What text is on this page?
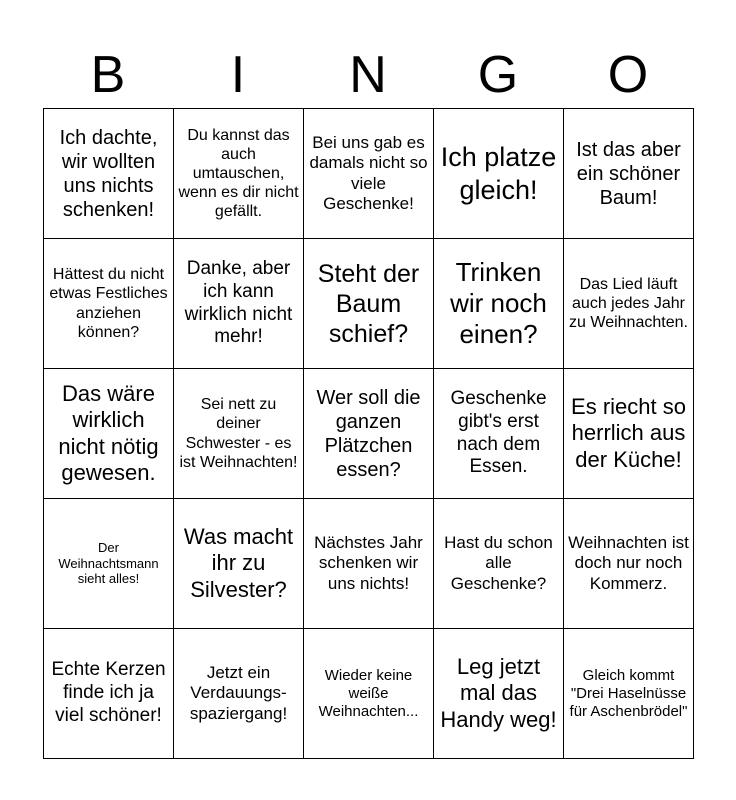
B	I	N	G	O
Ich dachte, wir wollten uns nichts schenken!	Du kannst das auch umtauschen, wenn es dir nicht gefällt.	Bei uns gab es damals nicht so viele Geschenke!	Ich platze gleich!	Ist das aber ein schöner Baum!
Hättest du nicht etwas Festliches anziehen können?	Danke, aber ich kann wirklich nicht mehr!	Steht der Baum schief?	Trinken wir noch einen?	Das Lied läuft auch jedes Jahr zu Weihnachten.
Das wäre wirklich nicht nötig gewesen.	Sei nett zu deiner Schwester - es ist Weihnachten!	Wer soll die ganzen Plätzchen essen?	Geschenke gibt's erst nach dem Essen.	Es riecht so herrlich aus der Küche!
Der Weihnachtsmann sieht alles!	Was macht ihr zu Silvester?	Nächstes Jahr schenken wir uns nichts!	Hast du schon alle Geschenke?	Weihnachten ist doch nur noch Kommerz.
Echte Kerzen finde ich ja viel schöner!	Jetzt ein Verdauungs-spaziergang!	Wieder keine weiße Weihnachten...	Leg jetzt mal das Handy weg!	Gleich kommt "Drei Haselnüsse für Aschenbrödel"
